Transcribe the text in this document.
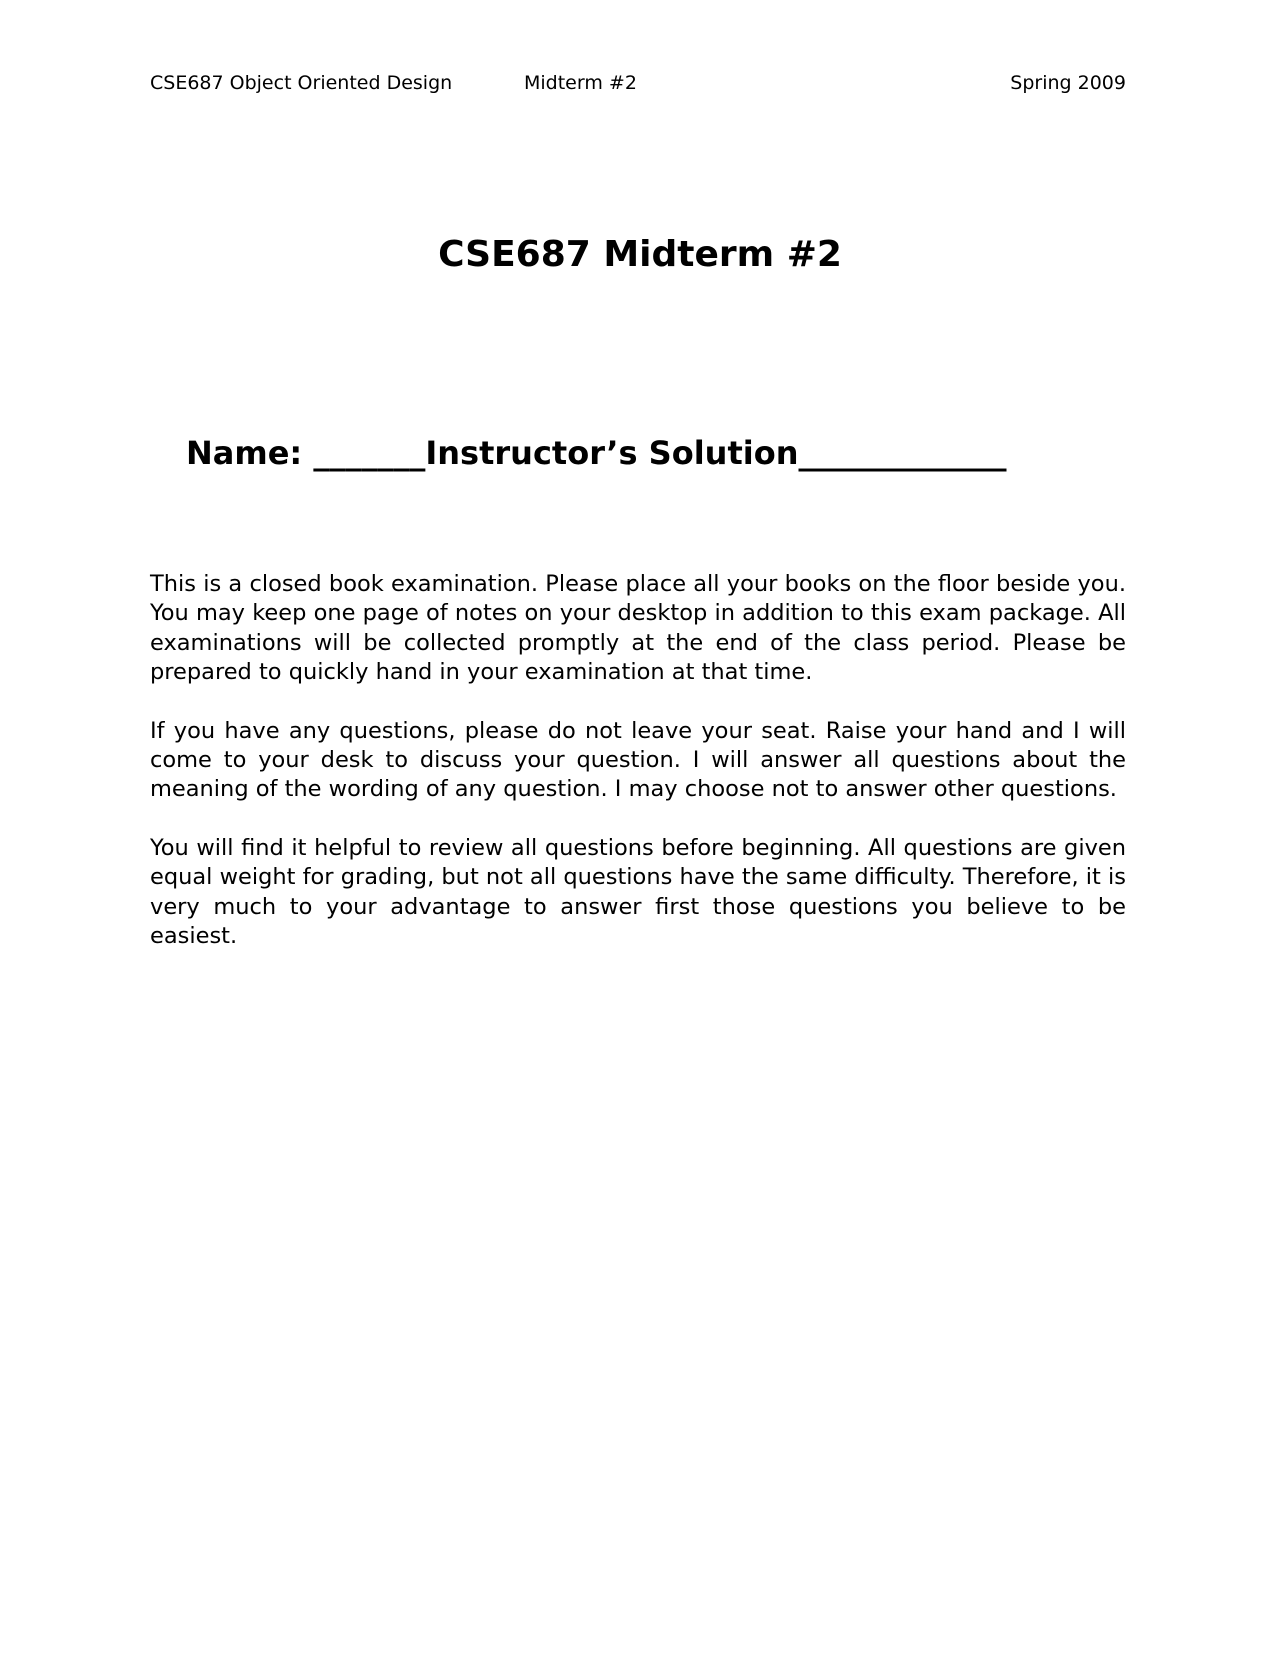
CSE687 Object Oriented Design	Midterm #2	Spring 2009
CSE687 Midterm #2
Name: _______Instructor’s Solution_____________

This is a closed book examination. Please place all your books on the floor beside you. You may keep one page of notes on your desktop in addition to this exam package. All examinations will be collected promptly at the end of the class period. Please be prepared to quickly hand in your examination at that time.

If you have any questions, please do not leave your seat. Raise your hand and I will come to your desk to discuss your question. I will answer all questions about the meaning of the wording of any question. I may choose not to answer other questions.

You will find it helpful to review all questions before beginning. All questions are given equal weight for grading, but not all questions have the same difficulty. Therefore, it is very much to your advantage to answer first those questions you believe to be easiest.
